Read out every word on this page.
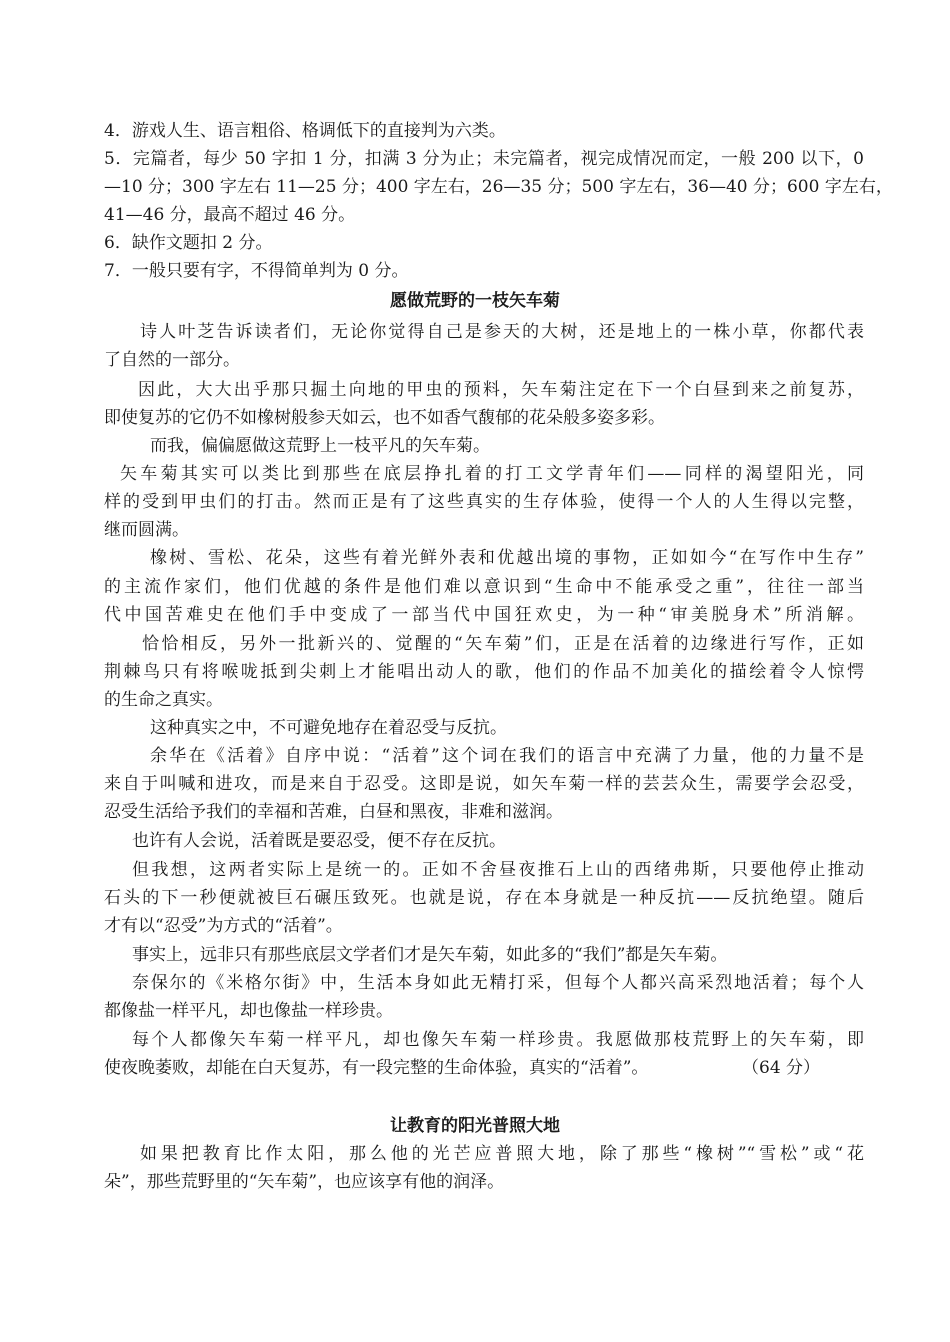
4．游戏人生、语言粗俗、格调低下的直接判为六类。
5．完篇者，每少 50 字扣 1 分，扣满 3 分为止；未完篇者，视完成情况而定，一般 200 以下，0
—10 分；300 字左右 11—25 分；400 字左右，26—35 分；500 字左右，36—40 分；600 字左右，
41—46 分，最高不超过 46 分。
6．缺作文题扣 2 分。
7．一般只要有字，不得简单判为 0 分。
愿做荒野的一枝矢车菊
诗人叶芝告诉读者们，无论你觉得自己是参天的大树，还是地上的一株小草，你都代表
了自然的一部分。
因此，大大出乎那只掘土向地的甲虫的预料，矢车菊注定在下一个白昼到来之前复苏，
即使复苏的它仍不如橡树般参天如云，也不如香气馥郁的花朵般多姿多彩。
而我，偏偏愿做这荒野上一枝平凡的矢车菊。
矢车菊其实可以类比到那些在底层挣扎着的打工文学青年们——同样的渴望阳光，同
样的受到甲虫们的打击。然而正是有了这些真实的生存体验，使得一个人的人生得以完整，
继而圆满。
橡树、雪松、花朵，这些有着光鲜外表和优越出境的事物，正如如今“在写作中生存”
的主流作家们，他们优越的条件是他们难以意识到“生命中不能承受之重”，往往一部当
代中国苦难史在他们手中变成了一部当代中国狂欢史，为一种“审美脱身术”所消解。
恰恰相反，另外一批新兴的、觉醒的“矢车菊”们，正是在活着的边缘进行写作，正如
荆棘鸟只有将喉咙抵到尖刺上才能唱出动人的歌，他们的作品不加美化的描绘着令人惊愕
的生命之真实。
这种真实之中，不可避免地存在着忍受与反抗。
余华在《活着》自序中说：“活着”这个词在我们的语言中充满了力量，他的力量不是
来自于叫喊和进攻，而是来自于忍受。这即是说，如矢车菊一样的芸芸众生，需要学会忍受，
忍受生活给予我们的幸福和苦难，白昼和黑夜，非难和滋润。
也许有人会说，活着既是要忍受，便不存在反抗。
但我想，这两者实际上是统一的。正如不舍昼夜推石上山的西绪弗斯，只要他停止推动
石头的下一秒便就被巨石碾压致死。也就是说，存在本身就是一种反抗——反抗绝望。随后
才有以“忍受”为方式的“活着”。
事实上，远非只有那些底层文学者们才是矢车菊，如此多的“我们”都是矢车菊。
奈保尔的《米格尔街》中，生活本身如此无精打采，但每个人都兴高采烈地活着；每个人
都像盐一样平凡，却也像盐一样珍贵。
每个人都像矢车菊一样平凡，却也像矢车菊一样珍贵。我愿做那枝荒野上的矢车菊，即
使夜晚萎败，却能在白天复苏，有一段完整的生命体验，真实的“活着”。	（64 分）
让教育的阳光普照大地
如果把教育比作太阳，那么他的光芒应普照大地，除了那些“橡树”“雪松”或“花
朵”，那些荒野里的“矢车菊”，也应该享有他的润泽。
